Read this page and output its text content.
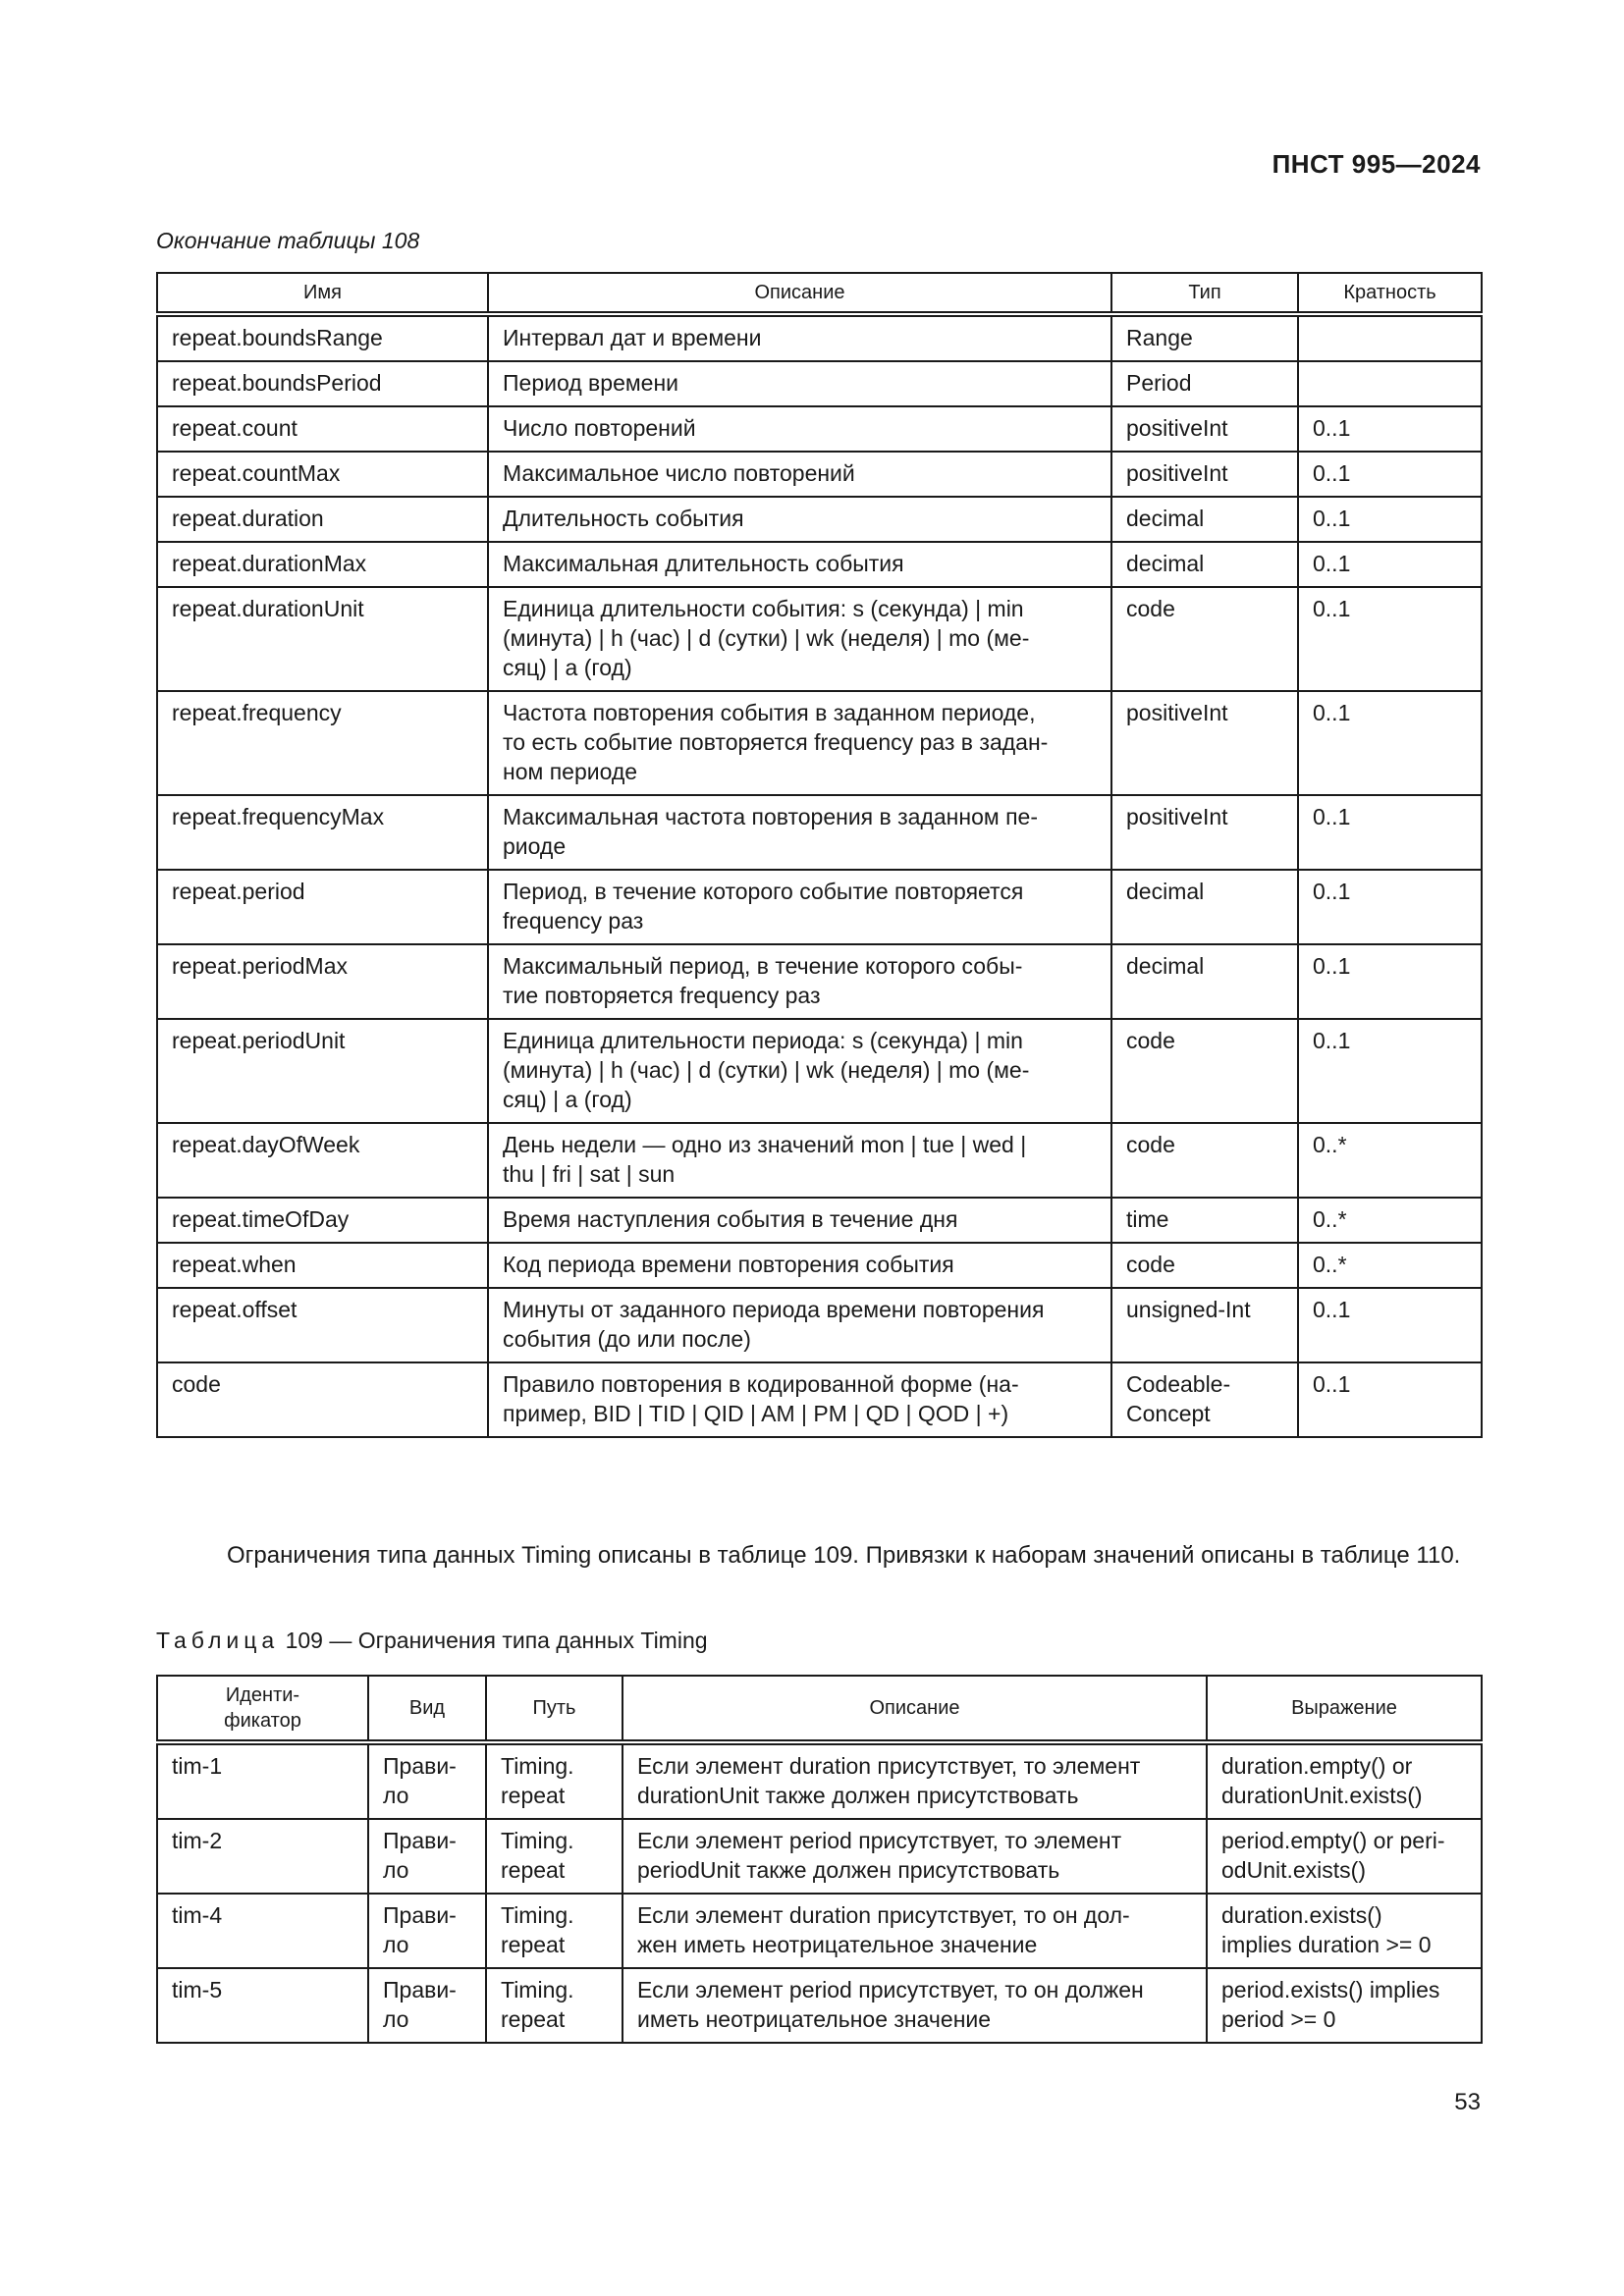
ПНСТ 995—2024
Окончание таблицы 108
Имя	Описание	Тип	Кратность
repeat.boundsRange	Интервал дат и времени	Range	
repeat.boundsPeriod	Период времени	Period	
repeat.count	Число повторений	positiveInt	0..1
repeat.countMax	Максимальное число повторений	positiveInt	0..1
repeat.duration	Длительность события	decimal	0..1
repeat.durationMax	Максимальная длительность события	decimal	0..1
repeat.durationUnit	Единица длительности события: s (секунда) | min
(минута) | h (час) | d (сутки) | wk (неделя) | mo (ме-
сяц) | a (год)	code	0..1
repeat.frequency	Частота повторения события в заданном периоде,
то есть событие повторяется frequency раз в задан-
ном периоде	positiveInt	0..1
repeat.frequencyMax	Максимальная частота повторения в заданном пе-
риоде	positiveInt	0..1
repeat.period	Период, в течение которого событие повторяется
frequency раз	decimal	0..1
repeat.periodMax	Максимальный период, в течение которого собы-
тие повторяется frequency раз	decimal	0..1
repeat.periodUnit	Единица длительности периода: s (секунда) | min
(минута) | h (час) | d (сутки) | wk (неделя) | mo (ме-
сяц) | a (год)	code	0..1
repeat.dayOfWeek	День недели — одно из значений mon | tue | wed |
thu | fri | sat | sun	code	0..*
repeat.timeOfDay	Время наступления события в течение дня	time	0..*
repeat.when	Код периода времени повторения события	code	0..*
repeat.offset	Минуты от заданного периода времени повторения
события (до или после)	unsigned-Int	0..1
code	Правило повторения в кодированной форме (на-
пример, BID | TID | QID | AM | PM | QD | QOD | +)	Codeable-
Concept	0..1
Ограничения типа данных Timing описаны в таблице 109. Привязки к наборам значений описаны в таблице 110.
Таблица 109 — Ограничения типа данных Timing
Иденти-
фикатор	Вид	Путь	Описание	Выражение
tim-1	Прави-
ло	Timing.
repeat	Если элемент duration присутствует, то элемент
durationUnit также должен присутствовать	duration.empty() or
durationUnit.exists()
tim-2	Прави-
ло	Timing.
repeat	Если элемент period присутствует, то элемент
periodUnit также должен присутствовать	period.empty() or peri-
odUnit.exists()
tim-4	Прави-
ло	Timing.
repeat	Если элемент duration присутствует, то он дол-
жен иметь неотрицательное значение	duration.exists()
implies duration >= 0
tim-5	Прави-
ло	Timing.
repeat	Если элемент period присутствует, то он должен
иметь неотрицательное значение	period.exists() implies
period >= 0
53
